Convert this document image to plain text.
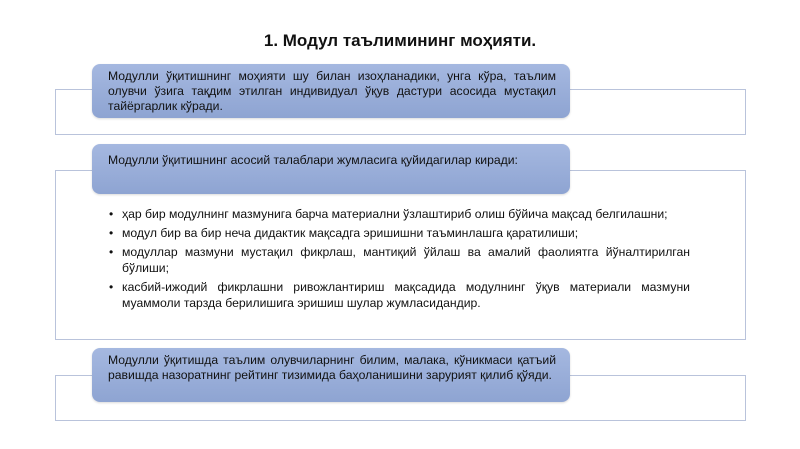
1. Модул таълимининг моҳияти.
Модулли ўқитишнинг моҳияти шу билан изоҳланадики, унга кўра, таълим олувчи ўзига тақдим этилган индивидуал ўқув дастури асосида мустақил тайёргарлик кўради.
Модулли ўқитишнинг асосий талаблари жумласига қуйидагилар киради:
• ҳар бир модулнинг мазмунига барча материални ўзлаштириб олиш бўйича мақсад белгилашни;
• модул бир ва бир неча дидактик мақсадга эришишни таъминлашга қаратилиши;
• модуллар мазмуни мустақил фикрлаш, мантиқий ўйлаш ва амалий фаолиятга йўналтирилган бўлиши;
• касбий-ижодий фикрлашни ривожлантириш мақсадида модулнинг ўқув материали мазмуни муаммоли тарзда берилишига эришиш шулар жумласидандир.
Модулли ўқитишда таълим олувчиларнинг билим, малака, кўникмаси қатъий равишда назоратнинг рейтинг тизимида баҳоланишини зарурият қилиб қўяди.
